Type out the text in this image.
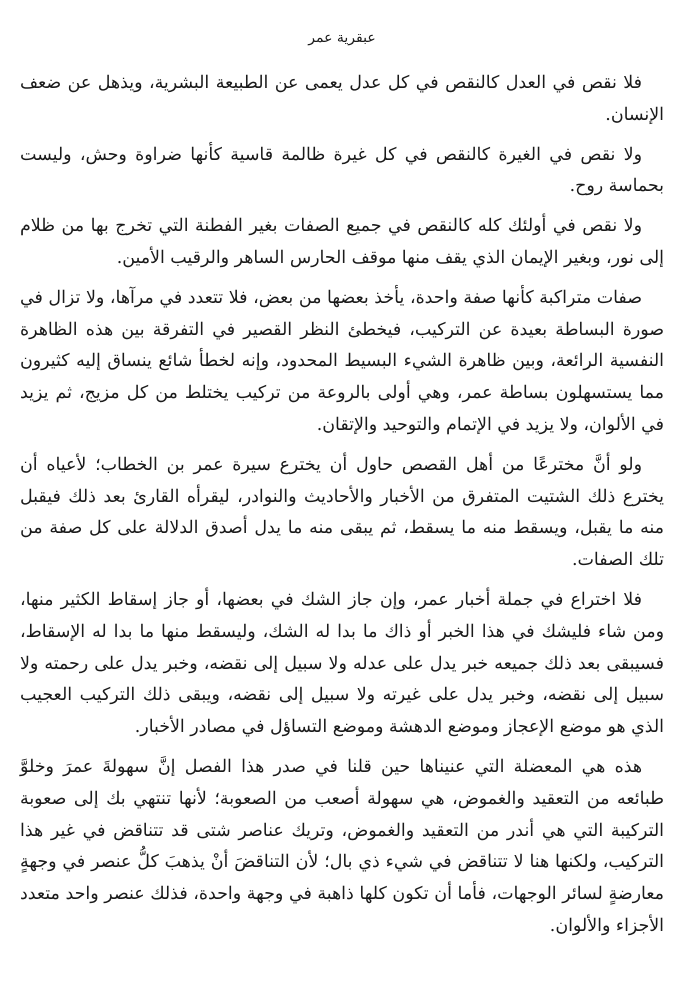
عبقرية عمر

فلا نقص في العدل كالنقص في كل عدل يعمى عن الطبيعة البشرية، ويذهل عن ضعف الإنسان.

ولا نقص في الغيرة كالنقص في كل غيرة ظالمة قاسية كأنها ضراوة وحش، وليست بحماسة روح.

ولا نقص في أولئك كله كالنقص في جميع الصفات بغير الفطنة التي تخرج بها من ظلام إلى نور، وبغير الإيمان الذي يقف منها موقف الحارس الساهر والرقيب الأمين.

صفات متراكبة كأنها صفة واحدة، يأخذ بعضها من بعض، فلا تتعدد في مرآها، ولا تزال في صورة البساطة بعيدة عن التركيب، فيخطئ النظر القصير في التفرقة بين هذه الظاهرة النفسية الرائعة، وبين ظاهرة الشيء البسيط المحدود، وإنه لخطأ شائع ينساق إليه كثيرون مما يستسهلون بساطة عمر، وهي أولى بالروعة من تركيب يختلط من كل مزيج، ثم يزيد في الألوان، ولا يزيد في الإتمام والتوحيد والإتقان.

ولو أنَّ مخترعًا من أهل القصص حاول أن يخترع سيرة عمر بن الخطاب؛ لأعياه أن يخترع ذلك الشتيت المتفرق من الأخبار والأحاديث والنوادر، ليقرأه القارئ بعد ذلك فيقبل منه ما يقبل، ويسقط منه ما يسقط، ثم يبقى منه ما يدل أصدق الدلالة على كل صفة من تلك الصفات.

فلا اختراع في جملة أخبار عمر، وإن جاز الشك في بعضها، أو جاز إسقاط الكثير منها، ومن شاء فليشك في هذا الخبر أو ذاك ما بدا له الشك، وليسقط منها ما بدا له الإسقاط، فسيبقى بعد ذلك جميعه خبر يدل على عدله ولا سبيل إلى نقضه، وخبر يدل على رحمته ولا سبيل إلى نقضه، وخبر يدل على غيرته ولا سبيل إلى نقضه، ويبقى ذلك التركيب العجيب الذي هو موضع الإعجاز وموضع الدهشة وموضع التساؤل في مصادر الأخبار.

هذه هي المعضلة التي عنيناها حين قلنا في صدر هذا الفصل إنَّ سهولةَ عمرَ وخلوَّ طبائعه من التعقيد والغموض، هي سهولة أصعب من الصعوبة؛ لأنها تنتهي بك إلى صعوبة التركيبة التي هي أندر من التعقيد والغموض، وتريك عناصر شتى قد تتناقض في غير هذا التركيب، ولكنها هنا لا تتناقض في شيء ذي بال؛ لأن التناقضَ أنْ يذهبَ كلُّ عنصر في وجهةٍ معارضةٍ لسائر الوجهات، فأما أن تكون كلها ذاهبة في وجهة واحدة، فذلك عنصر واحد متعدد الأجزاء والألوان.
